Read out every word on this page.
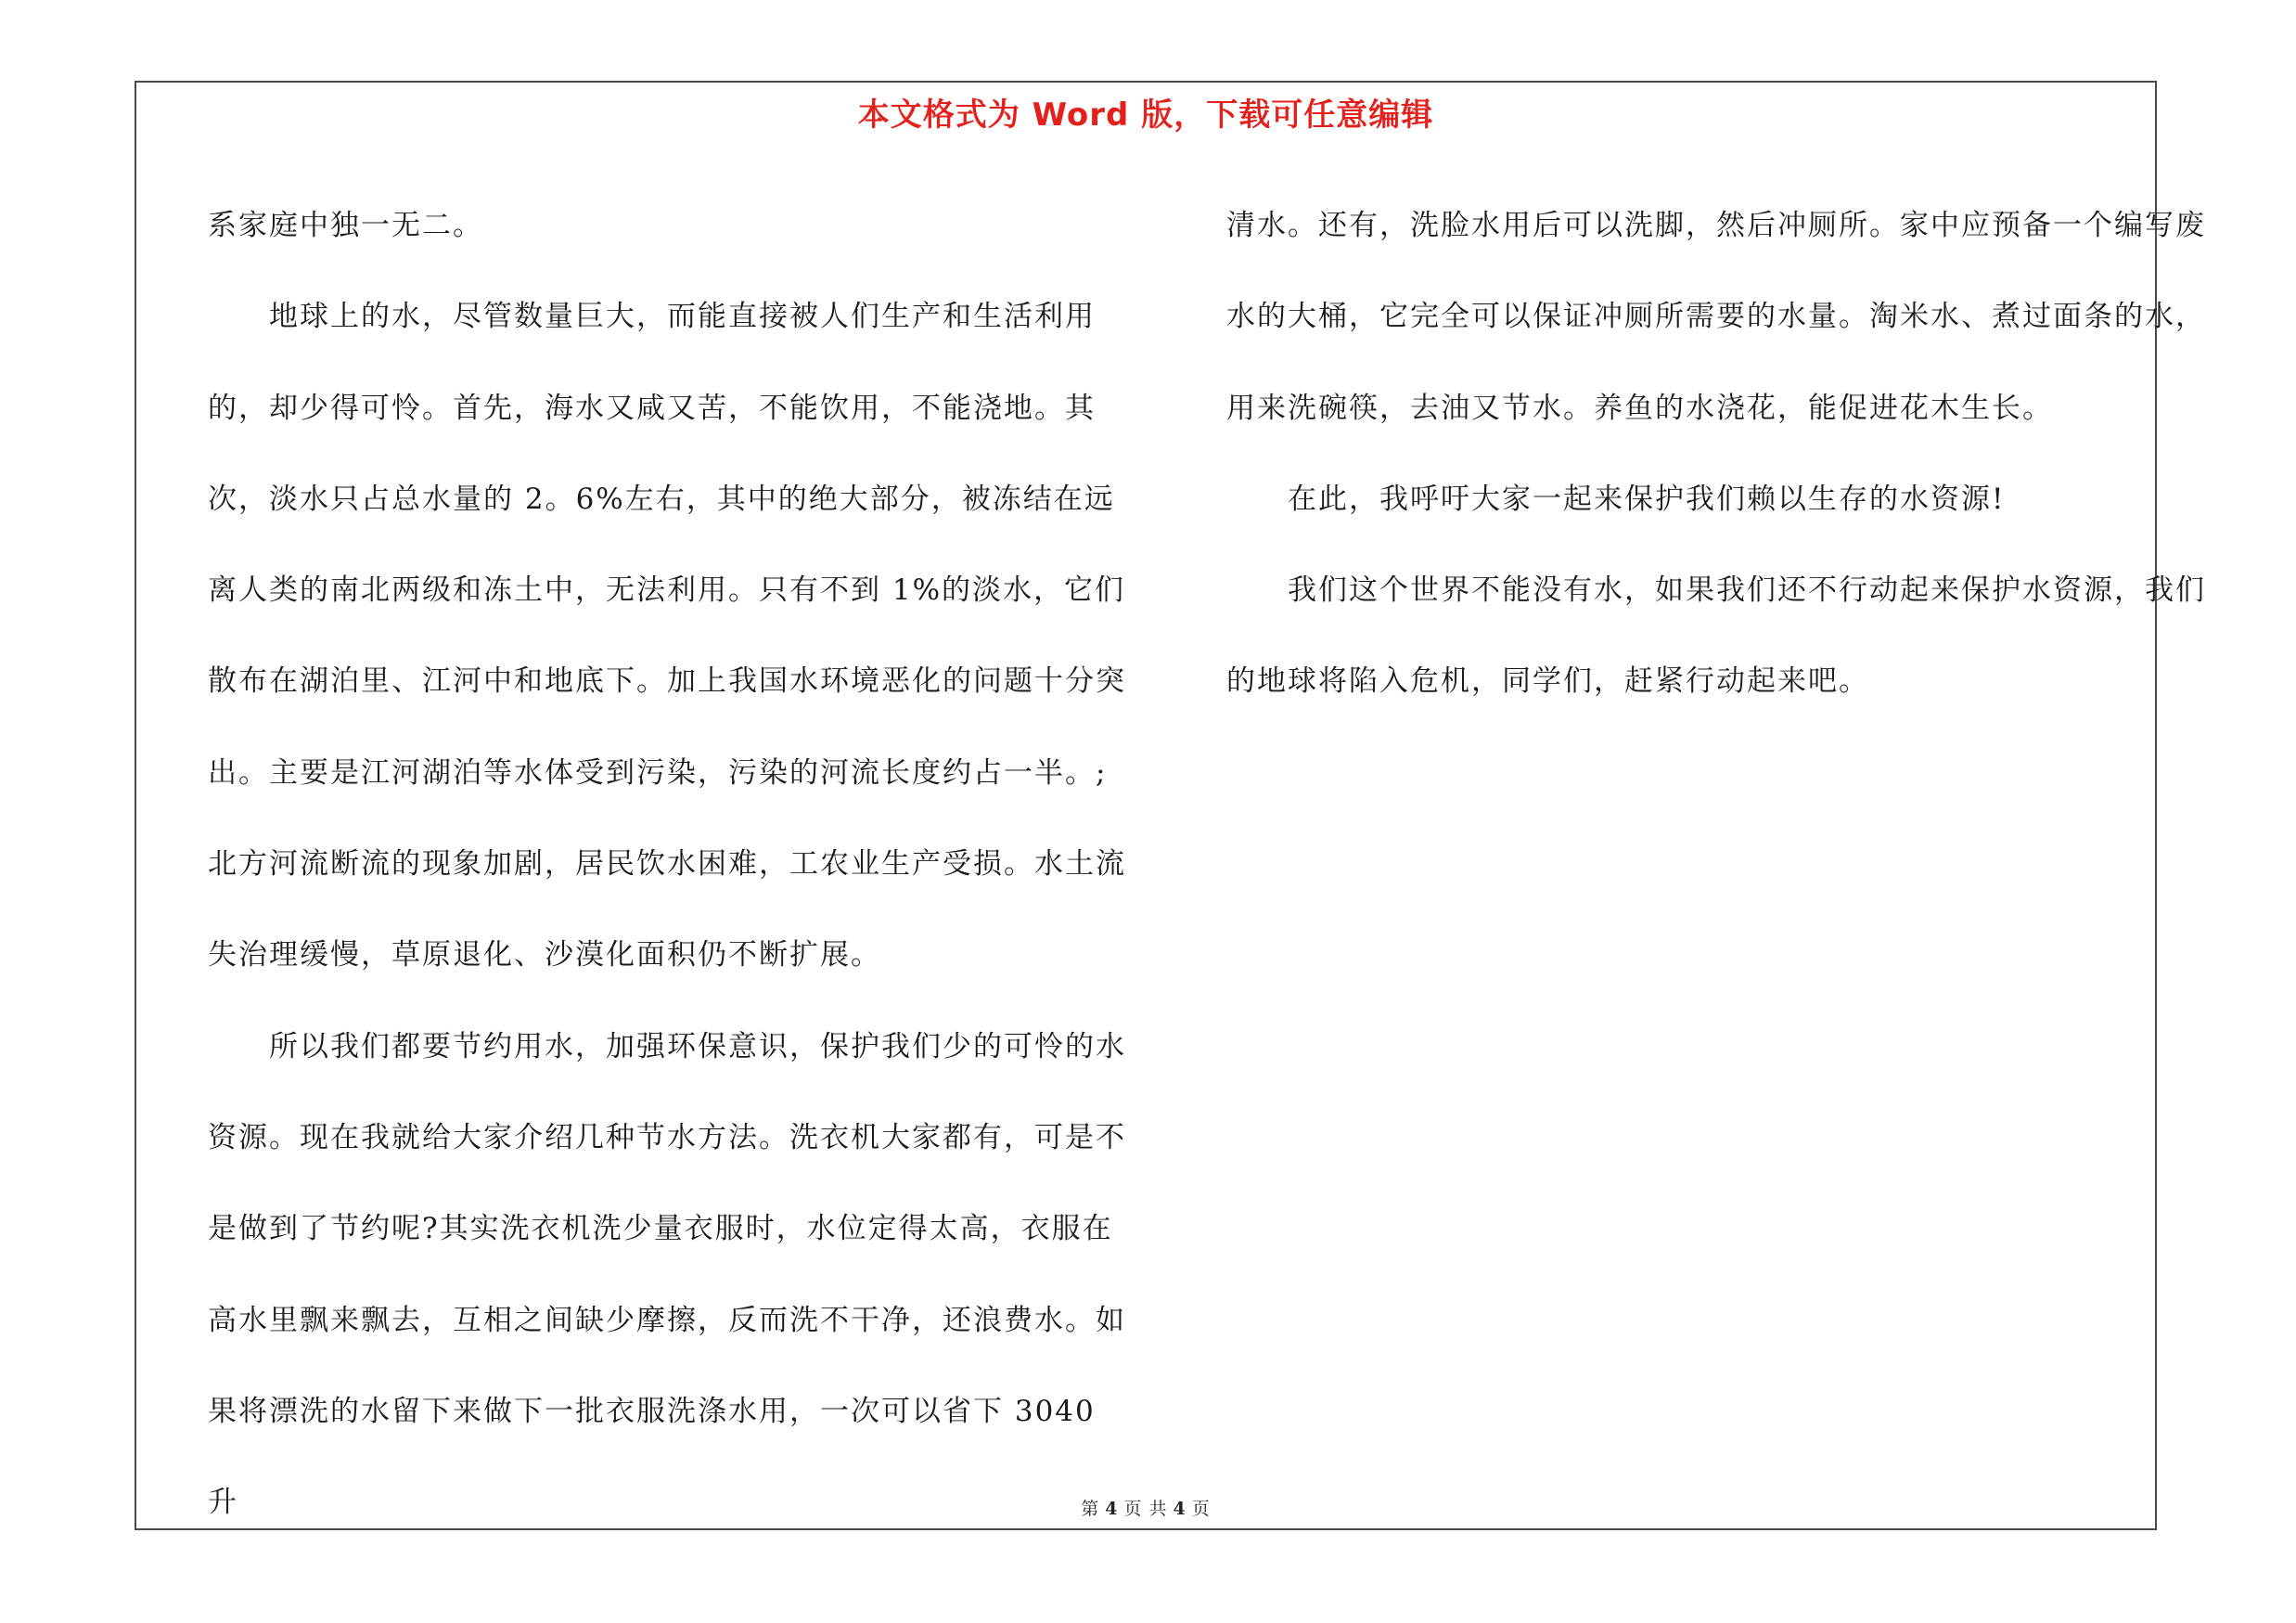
本文格式为 Word 版，下载可任意编辑

系家庭中独一无二。

地球上的水，尽管数量巨大，而能直接被人们生产和生活利用的，却少得可怜。首先，海水又咸又苦，不能饮用，不能浇地。其次，淡水只占总水量的 2。6%左右，其中的绝大部分，被冻结在远离人类的南北两级和冻土中，无法利用。只有不到 1%的淡水，它们散布在湖泊里、江河中和地底下。加上我国水环境恶化的问题十分突出。主要是江河湖泊等水体受到污染，污染的河流长度约占一半。;北方河流断流的现象加剧，居民饮水困难，工农业生产受损。水土流失治理缓慢，草原退化、沙漠化面积仍不断扩展。

所以我们都要节约用水，加强环保意识，保护我们少的可怜的水资源。现在我就给大家介绍几种节水方法。洗衣机大家都有，可是不是做到了节约呢?其实洗衣机洗少量衣服时，水位定得太高，衣服在高水里飘来飘去，互相之间缺少摩擦，反而洗不干净，还浪费水。如果将漂洗的水留下来做下一批衣服洗涤水用，一次可以省下 3040 升

清水。还有，洗脸水用后可以洗脚，然后冲厕所。家中应预备一个编写废水的大桶，它完全可以保证冲厕所需要的水量。淘米水、煮过面条的水，用来洗碗筷，去油又节水。养鱼的水浇花，能促进花木生长。

在此，我呼吁大家一起来保护我们赖以生存的水资源!

我们这个世界不能没有水，如果我们还不行动起来保护水资源，我们的地球将陷入危机，同学们，赶紧行动起来吧。

第 4 页 共 4 页
